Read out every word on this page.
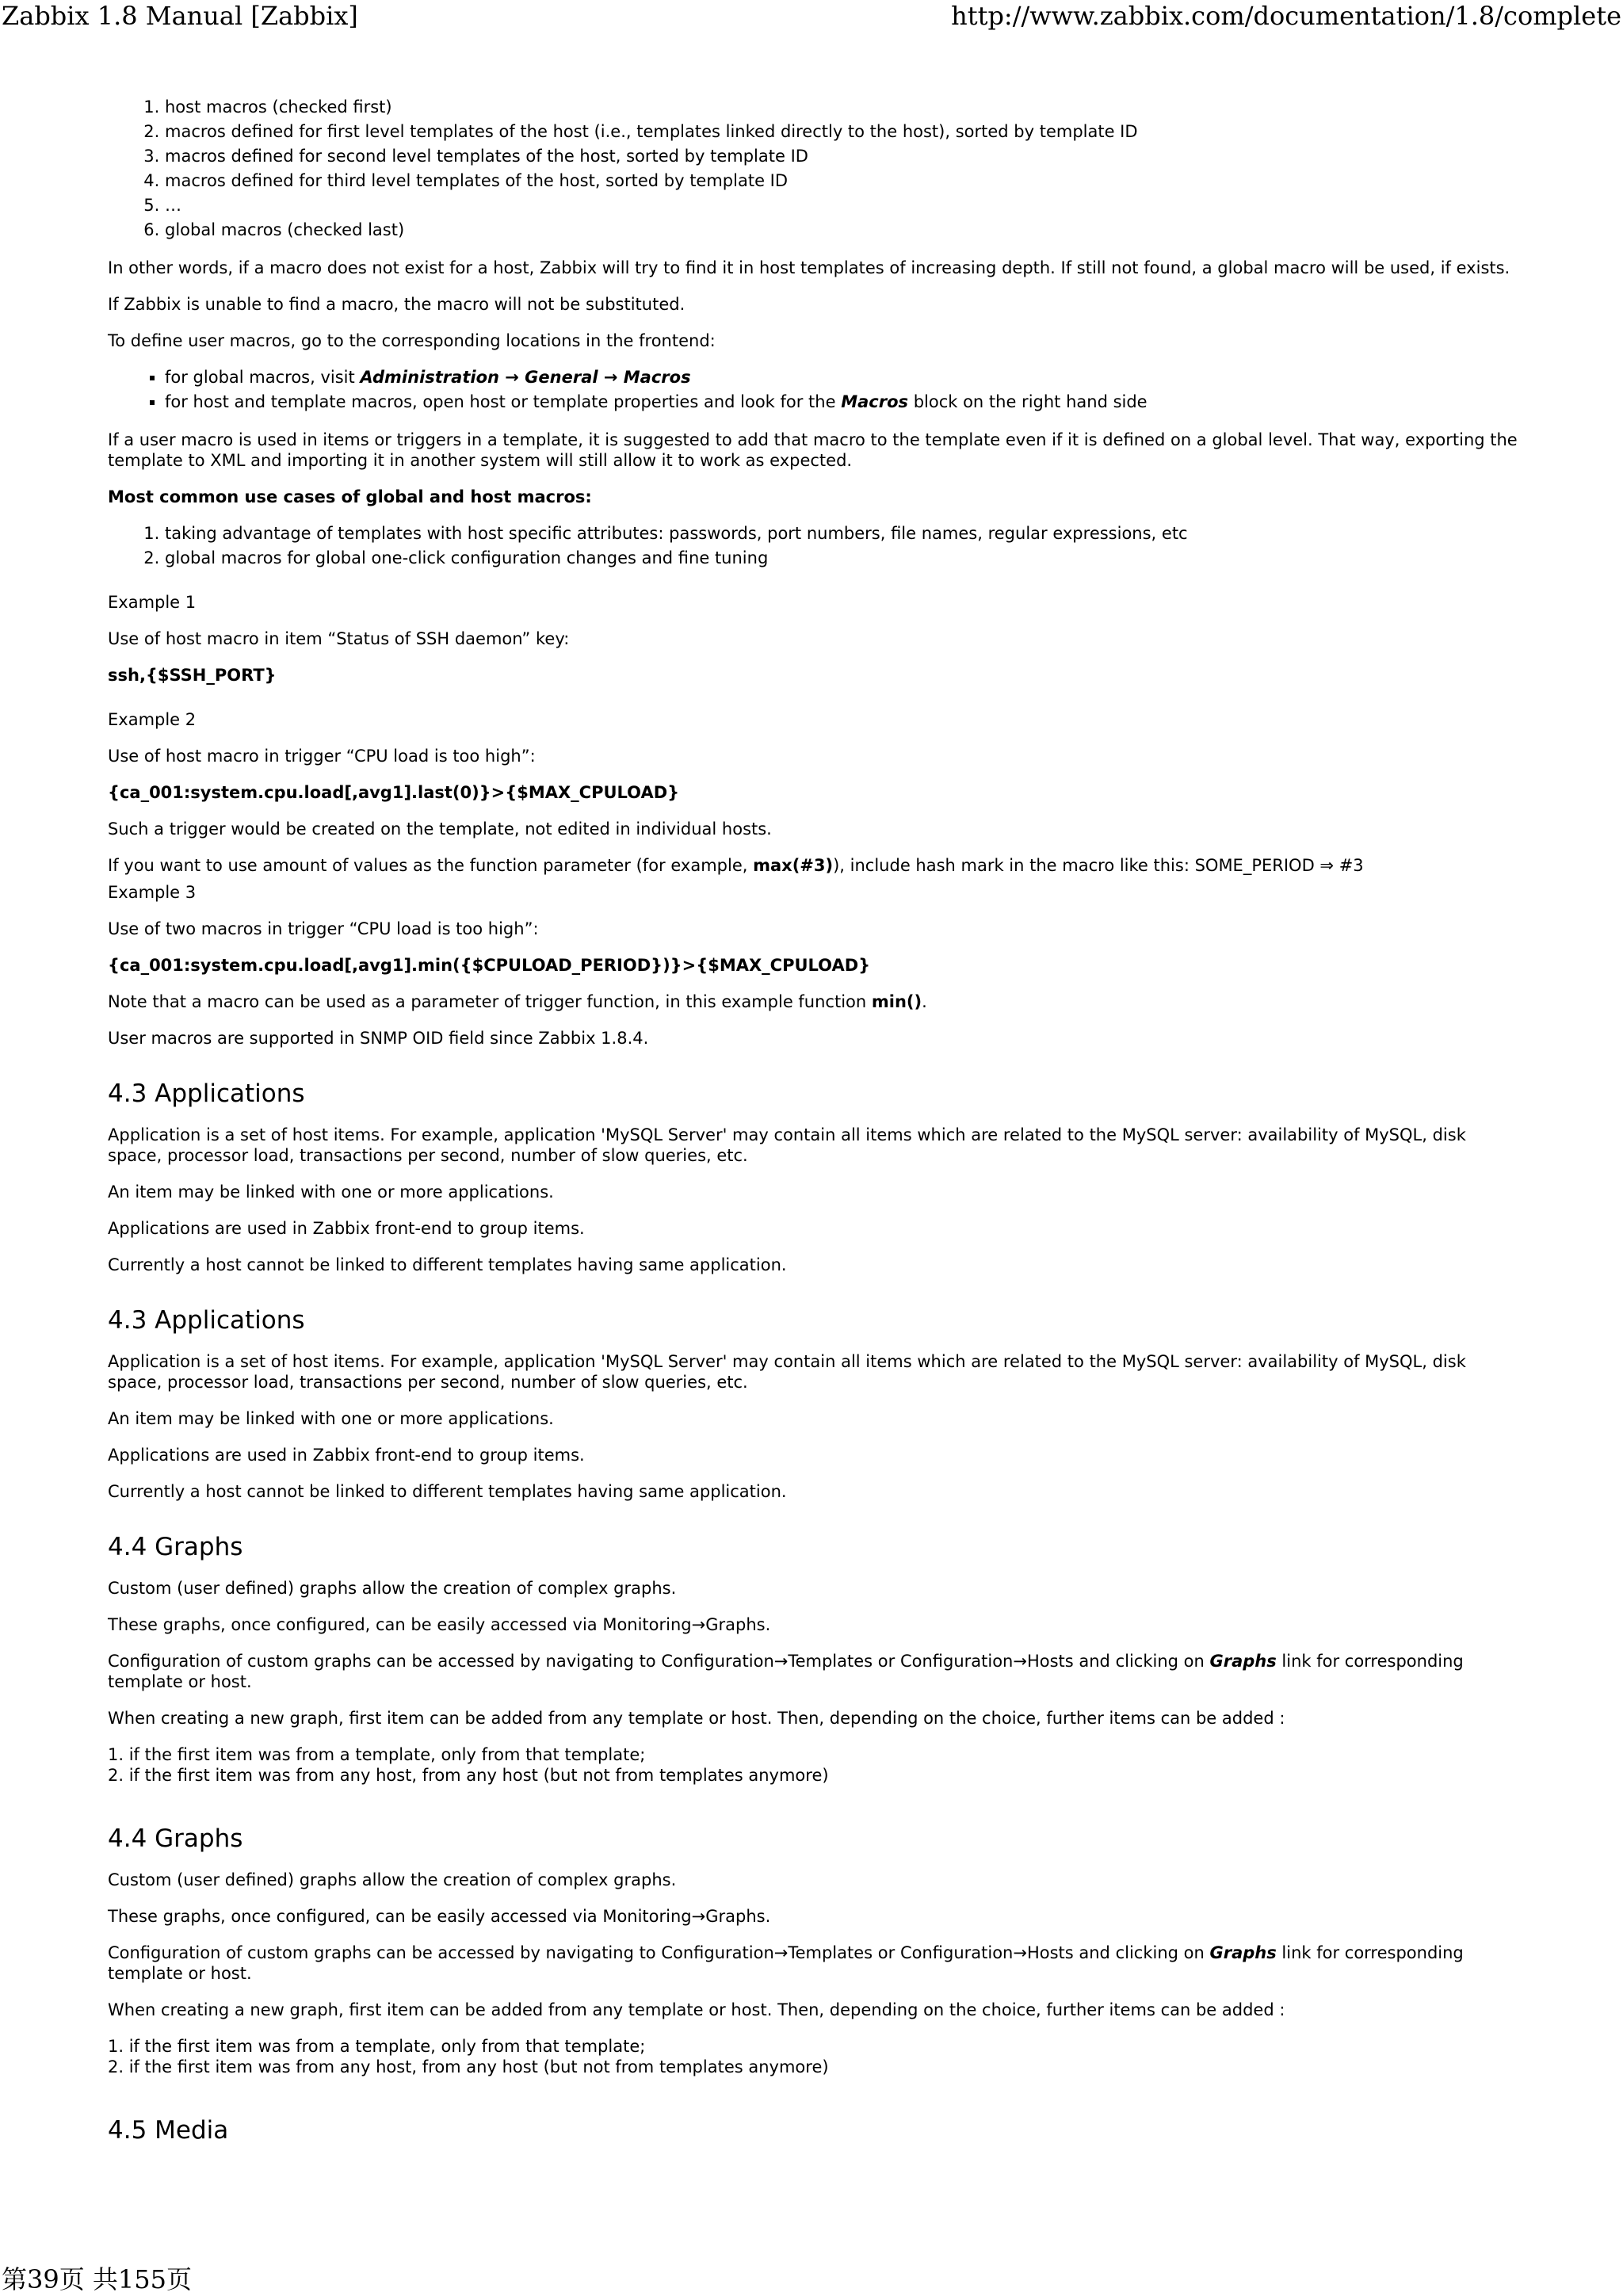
Zabbix 1.8 Manual [Zabbix]	http://www.zabbix.com/documentation/1.8/complete
1. host macros (checked first)
2. macros defined for first level templates of the host (i.e., templates linked directly to the host), sorted by template ID
3. macros defined for second level templates of the host, sorted by template ID
4. macros defined for third level templates of the host, sorted by template ID
5. …
6. global macros (checked last)

In other words, if a macro does not exist for a host, Zabbix will try to find it in host templates of increasing depth. If still not found, a global macro will be used, if exists.

If Zabbix is unable to find a macro, the macro will not be substituted.

To define user macros, go to the corresponding locations in the frontend:

▪ for global macros, visit Administration → General → Macros
▪ for host and template macros, open host or template properties and look for the Macros block on the right hand side

If a user macro is used in items or triggers in a template, it is suggested to add that macro to the template even if it is defined on a global level. That way, exporting the template to XML and importing it in another system will still allow it to work as expected.

Most common use cases of global and host macros:

1. taking advantage of templates with host specific attributes: passwords, port numbers, file names, regular expressions, etc
2. global macros for global one-click configuration changes and fine tuning

Example 1

Use of host macro in item “Status of SSH daemon” key:

ssh,{$SSH_PORT}

Example 2

Use of host macro in trigger “CPU load is too high”:

{ca_001:system.cpu.load[,avg1].last(0)}>{$MAX_CPULOAD}

Such a trigger would be created on the template, not edited in individual hosts.

If you want to use amount of values as the function parameter (for example, max(#3)), include hash mark in the macro like this: SOME_PERIOD ⇒ #3

Example 3

Use of two macros in trigger “CPU load is too high”:

{ca_001:system.cpu.load[,avg1].min({$CPULOAD_PERIOD})}>{$MAX_CPULOAD}

Note that a macro can be used as a parameter of trigger function, in this example function min().

User macros are supported in SNMP OID field since Zabbix 1.8.4.

4.3 Applications

Application is a set of host items. For example, application 'MySQL Server' may contain all items which are related to the MySQL server: availability of MySQL, disk space, processor load, transactions per second, number of slow queries, etc.

An item may be linked with one or more applications.

Applications are used in Zabbix front-end to group items.

Currently a host cannot be linked to different templates having same application.

4.3 Applications

Application is a set of host items. For example, application 'MySQL Server' may contain all items which are related to the MySQL server: availability of MySQL, disk space, processor load, transactions per second, number of slow queries, etc.

An item may be linked with one or more applications.

Applications are used in Zabbix front-end to group items.

Currently a host cannot be linked to different templates having same application.

4.4 Graphs

Custom (user defined) graphs allow the creation of complex graphs.

These graphs, once configured, can be easily accessed via Monitoring→Graphs.

Configuration of custom graphs can be accessed by navigating to Configuration→Templates or Configuration→Hosts and clicking on Graphs link for corresponding template or host.

When creating a new graph, first item can be added from any template or host. Then, depending on the choice, further items can be added :

1. if the first item was from a template, only from that template;
2. if the first item was from any host, from any host (but not from templates anymore)
4.4 Graphs

Custom (user defined) graphs allow the creation of complex graphs.

These graphs, once configured, can be easily accessed via Monitoring→Graphs.

Configuration of custom graphs can be accessed by navigating to Configuration→Templates or Configuration→Hosts and clicking on Graphs link for corresponding template or host.

When creating a new graph, first item can be added from any template or host. Then, depending on the choice, further items can be added :

1. if the first item was from a template, only from that template;
2. if the first item was from any host, from any host (but not from templates anymore)
4.5 Media
第39页 共155页
